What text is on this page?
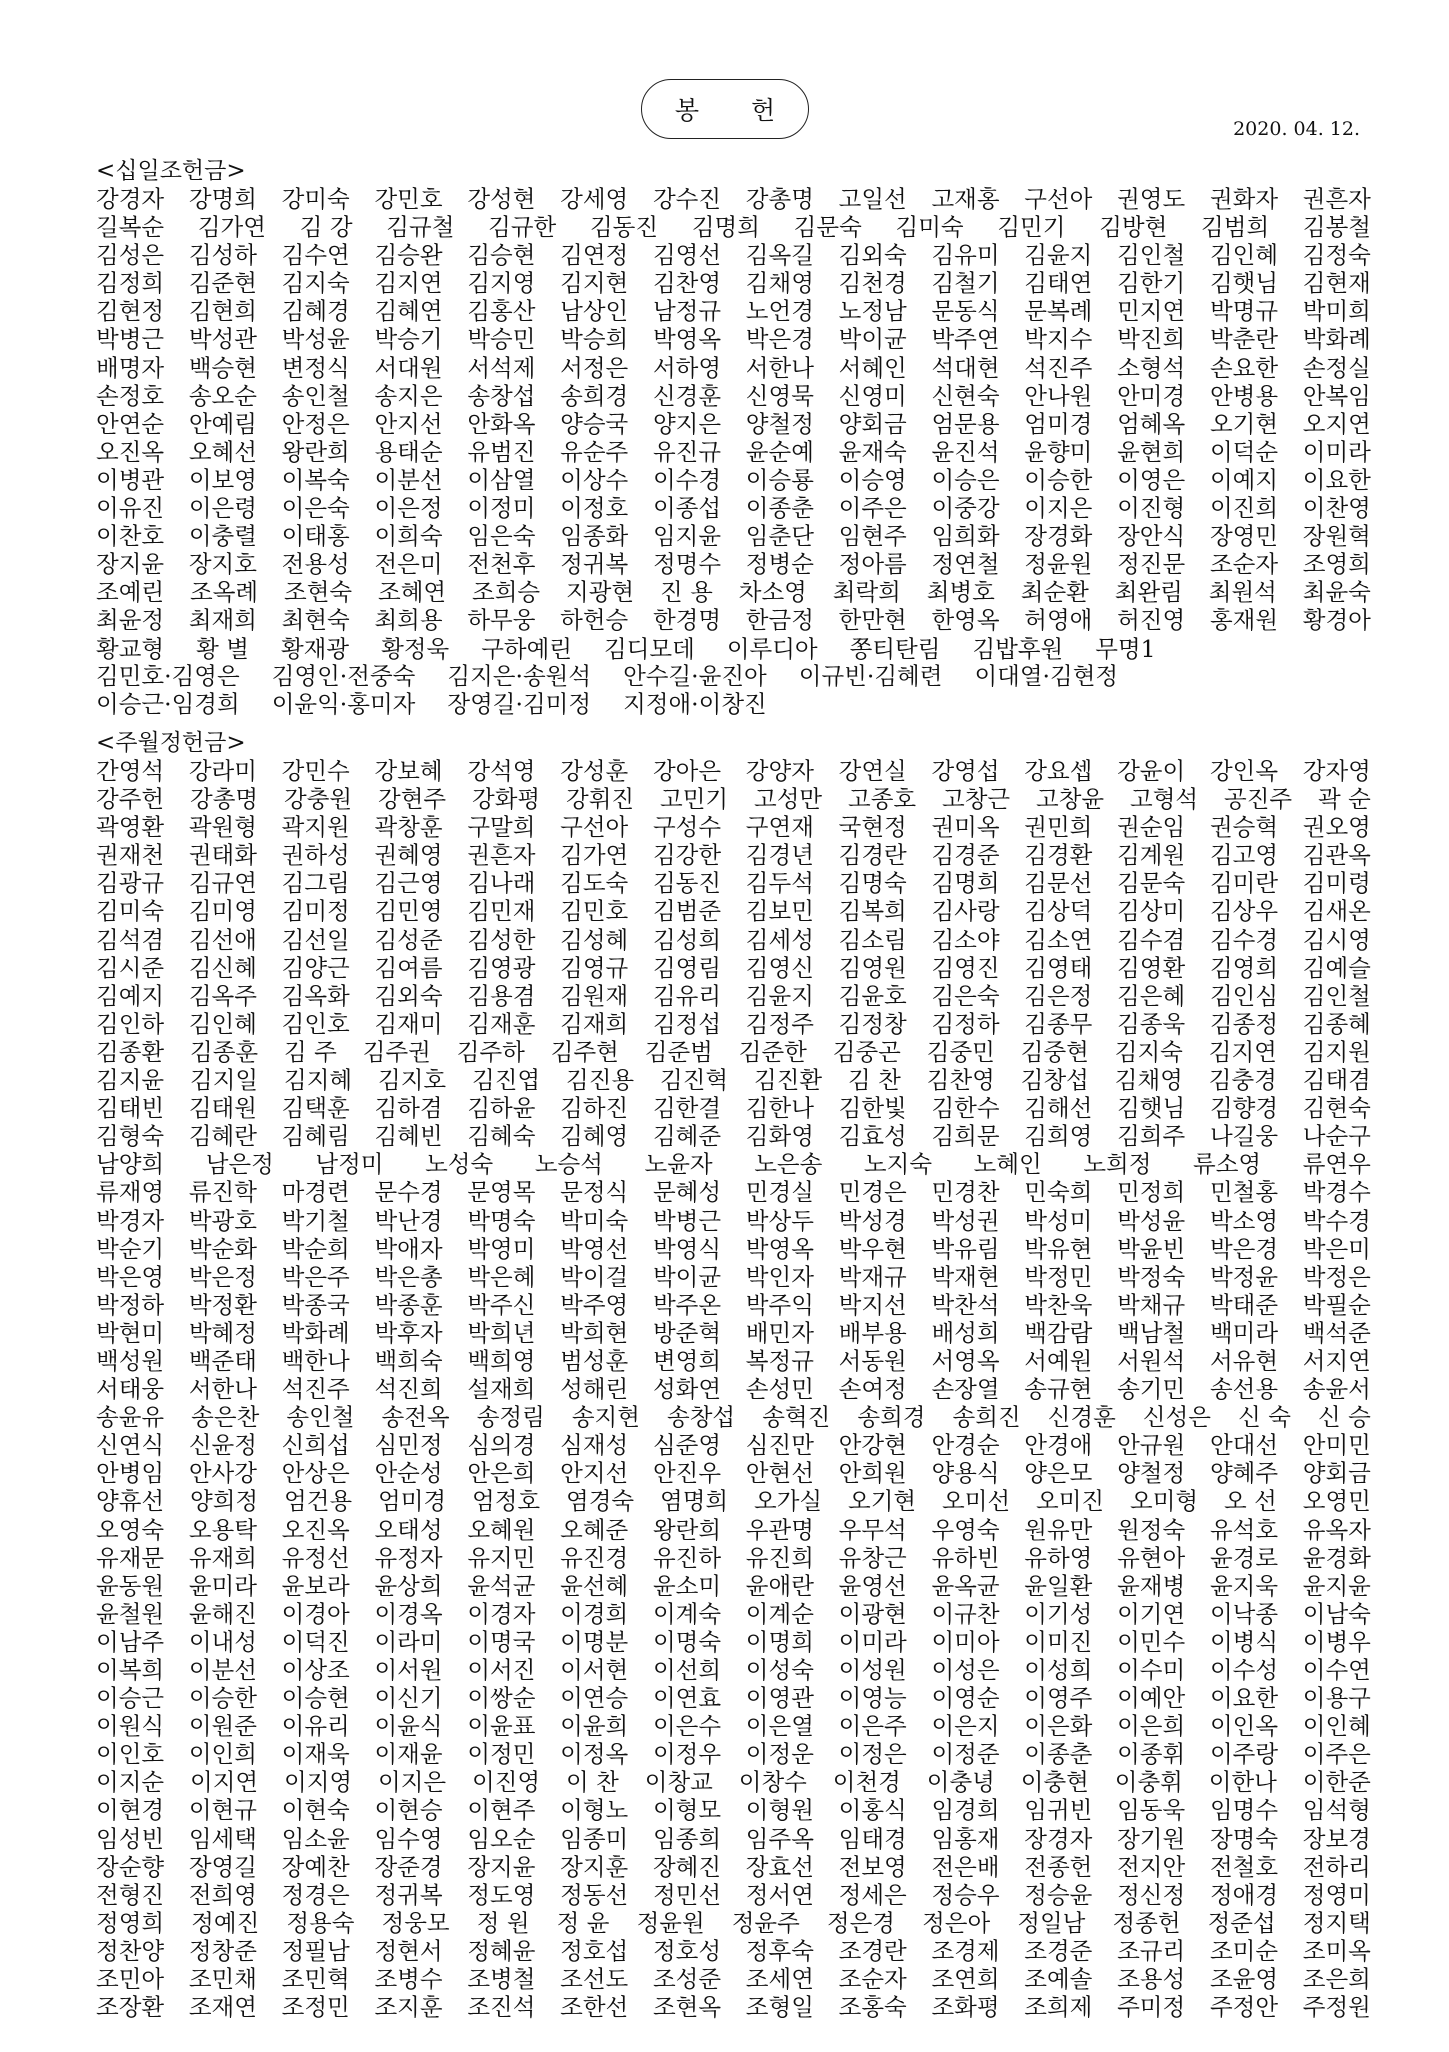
봉 헌
2020. 04. 12.
<십일조헌금>
강경자 강명희 강미숙 강민호 강성현 강세영 강수진 강총명 고일선 고재홍 구선아 권영도 권화자 권흔자
길복순 김가연 김 강 김규철 김규한 김동진 김명희 김문숙 김미숙 김민기 김방현 김범희 김봉철
김성은 김성하 김수연 김승완 김승현 김연정 김영선 김옥길 김외숙 김유미 김윤지 김인철 김인혜 김정숙
김정희 김준현 김지숙 김지연 김지영 김지현 김찬영 김채영 김천경 김철기 김태연 김한기 김햇님 김현재
김현정 김현희 김혜경 김혜연 김홍산 남상인 남정규 노언경 노정남 문동식 문복례 민지연 박명규 박미희
박병근 박성관 박성윤 박승기 박승민 박승희 박영옥 박은경 박이균 박주연 박지수 박진희 박춘란 박화례
배명자 백승현 변정식 서대원 서석제 서정은 서하영 서한나 서혜인 석대현 석진주 소형석 손요한 손정실
손정호 송오순 송인철 송지은 송창섭 송희경 신경훈 신영묵 신영미 신현숙 안나원 안미경 안병용 안복임
안연순 안예림 안정은 안지선 안화옥 양승국 양지은 양철정 양회금 엄문용 엄미경 엄혜옥 오기현 오지연
오진옥 오혜선 왕란희 용태순 유범진 유순주 유진규 윤순예 윤재숙 윤진석 윤향미 윤현희 이덕순 이미라
이병관 이보영 이복숙 이분선 이삼열 이상수 이수경 이승룡 이승영 이승은 이승한 이영은 이예지 이요한
이유진 이은령 이은숙 이은정 이정미 이정호 이종섭 이종춘 이주은 이중강 이지은 이진형 이진희 이찬영
이찬호 이충렬 이태홍 이희숙 임은숙 임종화 임지윤 임춘단 임현주 임희화 장경화 장안식 장영민 장원혁
장지윤 장지호 전용성 전은미 전천후 정귀복 정명수 정병순 정아름 정연철 정윤원 정진문 조순자 조영희
조예린 조옥례 조현숙 조혜연 조희승 지광현 진 용 차소영 최락희 최병호 최순환 최완림 최원석 최윤숙
최윤정 최재희 최현숙 최희용 하무웅 하헌승 한경명 한금정 한만현 한영옥 허영애 허진영 홍재원 황경아
황교형 황 별 황재광 황정욱 구하예린 김디모데 이루디아 쫑티탄림 김밥후원 무명1
김민호·김영은 김영인·전중숙 김지은·송원석 안수길·윤진아 이규빈·김혜련 이대열·김현정
이승근·임경희 이윤익·홍미자 장영길·김미정 지정애·이창진
<주월정헌금>
간영석 강라미 강민수 강보혜 강석영 강성훈 강아은 강양자 강연실 강영섭 강요셉 강윤이 강인옥 강자영
강주헌 강총명 강충원 강현주 강화평 강휘진 고민기 고성만 고종호 고창근 고창윤 고형석 공진주 곽 순
곽영환 곽원형 곽지원 곽창훈 구말희 구선아 구성수 구연재 국현정 권미옥 권민희 권순임 권승혁 권오영
권재천 권태화 권하성 권혜영 권흔자 김가연 김강한 김경년 김경란 김경준 김경환 김계원 김고영 김관옥
김광규 김규연 김그림 김근영 김나래 김도숙 김동진 김두석 김명숙 김명희 김문선 김문숙 김미란 김미령
김미숙 김미영 김미정 김민영 김민재 김민호 김범준 김보민 김복희 김사랑 김상덕 김상미 김상우 김새온
김석겸 김선애 김선일 김성준 김성한 김성혜 김성희 김세성 김소림 김소야 김소연 김수겸 김수경 김시영
김시준 김신혜 김양근 김여름 김영광 김영규 김영림 김영신 김영원 김영진 김영태 김영환 김영희 김예슬
김예지 김옥주 김옥화 김외숙 김용겸 김원재 김유리 김윤지 김윤호 김은숙 김은정 김은혜 김인심 김인철
김인하 김인혜 김인호 김재미 김재훈 김재희 김정섭 김정주 김정창 김정하 김종무 김종욱 김종정 김종혜
김종환 김종훈 김 주 김주권 김주하 김주현 김준범 김준한 김중곤 김중민 김중현 김지숙 김지연 김지원
김지윤 김지일 김지혜 김지호 김진엽 김진용 김진혁 김진환 김 찬 김찬영 김창섭 김채영 김충경 김태겸
김태빈 김태원 김택훈 김하겸 김하윤 김하진 김한결 김한나 김한빛 김한수 김해선 김햇님 김향경 김현숙
김형숙 김혜란 김혜림 김혜빈 김혜숙 김혜영 김혜준 김화영 김효성 김희문 김희영 김희주 나길웅 나순구
남양희 남은정 남정미 노성숙 노승석 노윤자 노은송 노지숙 노혜인 노희정 류소영 류연우
류재영 류진학 마경련 문수경 문영목 문정식 문혜성 민경실 민경은 민경찬 민숙희 민정희 민철홍 박경수
박경자 박광호 박기철 박난경 박명숙 박미숙 박병근 박상두 박성경 박성권 박성미 박성윤 박소영 박수경
박순기 박순화 박순희 박애자 박영미 박영선 박영식 박영옥 박우현 박유림 박유현 박윤빈 박은경 박은미
박은영 박은정 박은주 박은총 박은혜 박이걸 박이균 박인자 박재규 박재현 박정민 박정숙 박정윤 박정은
박정하 박정환 박종국 박종훈 박주신 박주영 박주온 박주익 박지선 박찬석 박찬욱 박채규 박태준 박필순
박현미 박혜정 박화례 박후자 박희년 박희현 방준혁 배민자 배부용 배성희 백감람 백남철 백미라 백석준
백성원 백준태 백한나 백희숙 백희영 범성훈 변영희 복정규 서동원 서영옥 서예원 서원석 서유현 서지연
서태웅 서한나 석진주 석진희 설재희 성해린 성화연 손성민 손여정 손장열 송규현 송기민 송선용 송윤서
송윤유 송은찬 송인철 송전옥 송정림 송지현 송창섭 송혁진 송희경 송희진 신경훈 신성은 신 숙 신 승
신연식 신윤정 신희섭 심민정 심의경 심재성 심준영 심진만 안강현 안경순 안경애 안규원 안대선 안미민
안병임 안사강 안상은 안순성 안은희 안지선 안진우 안현선 안희원 양용식 양은모 양철정 양혜주 양회금
양휴선 양희정 엄건용 엄미경 엄정호 염경숙 염명희 오가실 오기현 오미선 오미진 오미형 오 선 오영민
오영숙 오용탁 오진옥 오태성 오혜원 오혜준 왕란희 우관명 우무석 우영숙 원유만 원정숙 유석호 유옥자
유재문 유재희 유정선 유정자 유지민 유진경 유진하 유진희 유창근 유하빈 유하영 유현아 윤경로 윤경화
윤동원 윤미라 윤보라 윤상희 윤석균 윤선혜 윤소미 윤애란 윤영선 윤옥균 윤일환 윤재병 윤지욱 윤지윤
윤철원 윤해진 이경아 이경옥 이경자 이경희 이계숙 이계순 이광현 이규찬 이기성 이기연 이낙종 이남숙
이남주 이내성 이덕진 이라미 이명국 이명분 이명숙 이명희 이미라 이미아 이미진 이민수 이병식 이병우
이복희 이분선 이상조 이서원 이서진 이서현 이선희 이성숙 이성원 이성은 이성희 이수미 이수성 이수연
이승근 이승한 이승현 이신기 이쌍순 이연승 이연효 이영관 이영능 이영순 이영주 이예안 이요한 이용구
이원식 이원준 이유리 이윤식 이윤표 이윤희 이은수 이은열 이은주 이은지 이은화 이은희 이인옥 이인혜
이인호 이인희 이재욱 이재윤 이정민 이정옥 이정우 이정운 이정은 이정준 이종춘 이종휘 이주랑 이주은
이지순 이지연 이지영 이지은 이진영 이 찬 이창교 이창수 이천경 이충녕 이충현 이충휘 이한나 이한준
이현경 이현규 이현숙 이현승 이현주 이형노 이형모 이형원 이홍식 임경희 임귀빈 임동욱 임명수 임석형
임성빈 임세택 임소윤 임수영 임오순 임종미 임종희 임주옥 임태경 임홍재 장경자 장기원 장명숙 장보경
장순향 장영길 장예찬 장준경 장지윤 장지훈 장혜진 장효선 전보영 전은배 전종헌 전지안 전철호 전하리
전형진 전희영 정경은 정귀복 정도영 정동선 정민선 정서연 정세은 정승우 정승윤 정신정 정애경 정영미
정영희 정예진 정용숙 정웅모 정 원 정 윤 정윤원 정윤주 정은경 정은아 정일남 정종헌 정준섭 정지택
정찬양 정창준 정필남 정현서 정혜윤 정호섭 정호성 정후숙 조경란 조경제 조경준 조규리 조미순 조미옥
조민아 조민채 조민혁 조병수 조병철 조선도 조성준 조세연 조순자 조연희 조예솔 조용성 조윤영 조은희
조장환 조재연 조정민 조지훈 조진석 조한선 조현옥 조형일 조홍숙 조화평 조희제 주미정 주정안 주정원
